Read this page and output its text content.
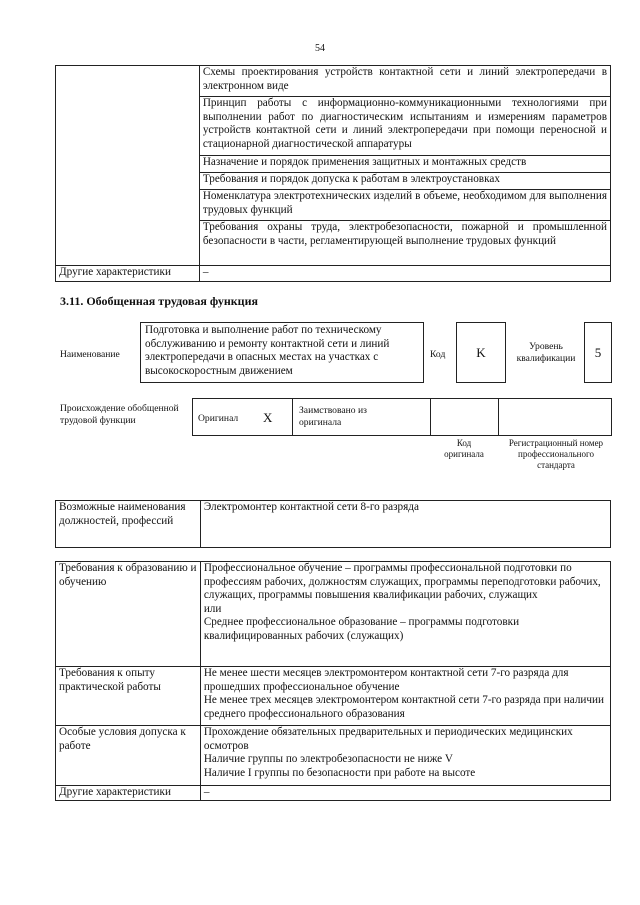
54
	Схемы проектирования устройств контактной сети и линий электропередачи в электронном виде
	Принцип работы с информационно-коммуникационными технологиями при выполнении работ по диагностическим испытаниям и измерениям параметров устройств контактной сети и линий электропередачи при помощи переносной и стационарной диагностической аппаратуры
	Назначение и порядок применения защитных и монтажных средств
	Требования и порядок допуска к работам в электроустановках
	Номенклатура электротехнических изделий в объеме, необходимом для выполнения трудовых функций
	Требования охраны труда, электробезопасности, пожарной и промышленной безопасности в части, регламентирующей выполнение трудовых функций
Другие характеристики	–
3.11. Обобщенная трудовая функция
Наименование
Подготовка и выполнение работ по техническому обслуживанию и ремонту контактной сети и линий электропередачи в опасных местах на участках с высокоскоростным движением
Код K	Уровень квалификации	5
Происхождение обобщенной трудовой функции	Оригинал X	Заимствовано из оригинала
Код оригинала
Регистрационный номер профессионального стандарта
Возможные наименования должностей, профессий	Электромонтер контактной сети 8-го разряда
Требования к образованию и обучению	Профессиональное обучение – программы профессиональной подготовки по профессиям рабочих, должностям служащих, программы переподготовки рабочих, служащих, программы повышения квалификации рабочих, служащих
или
Среднее профессиональное образование – программы подготовки квалифицированных рабочих (служащих)

Требования к опыту практической работы	Не менее шести месяцев электромонтером контактной сети 7-го разряда для прошедших профессиональное обучение
Не менее трех месяцев электромонтером контактной сети 7-го разряда при наличии среднего профессионального образования

Особые условия допуска к работе	Прохождение обязательных предварительных и периодических медицинских осмотров
Наличие группы по электробезопасности не ниже V
Наличие I группы по безопасности при работе на высоте

Другие характеристики	–
